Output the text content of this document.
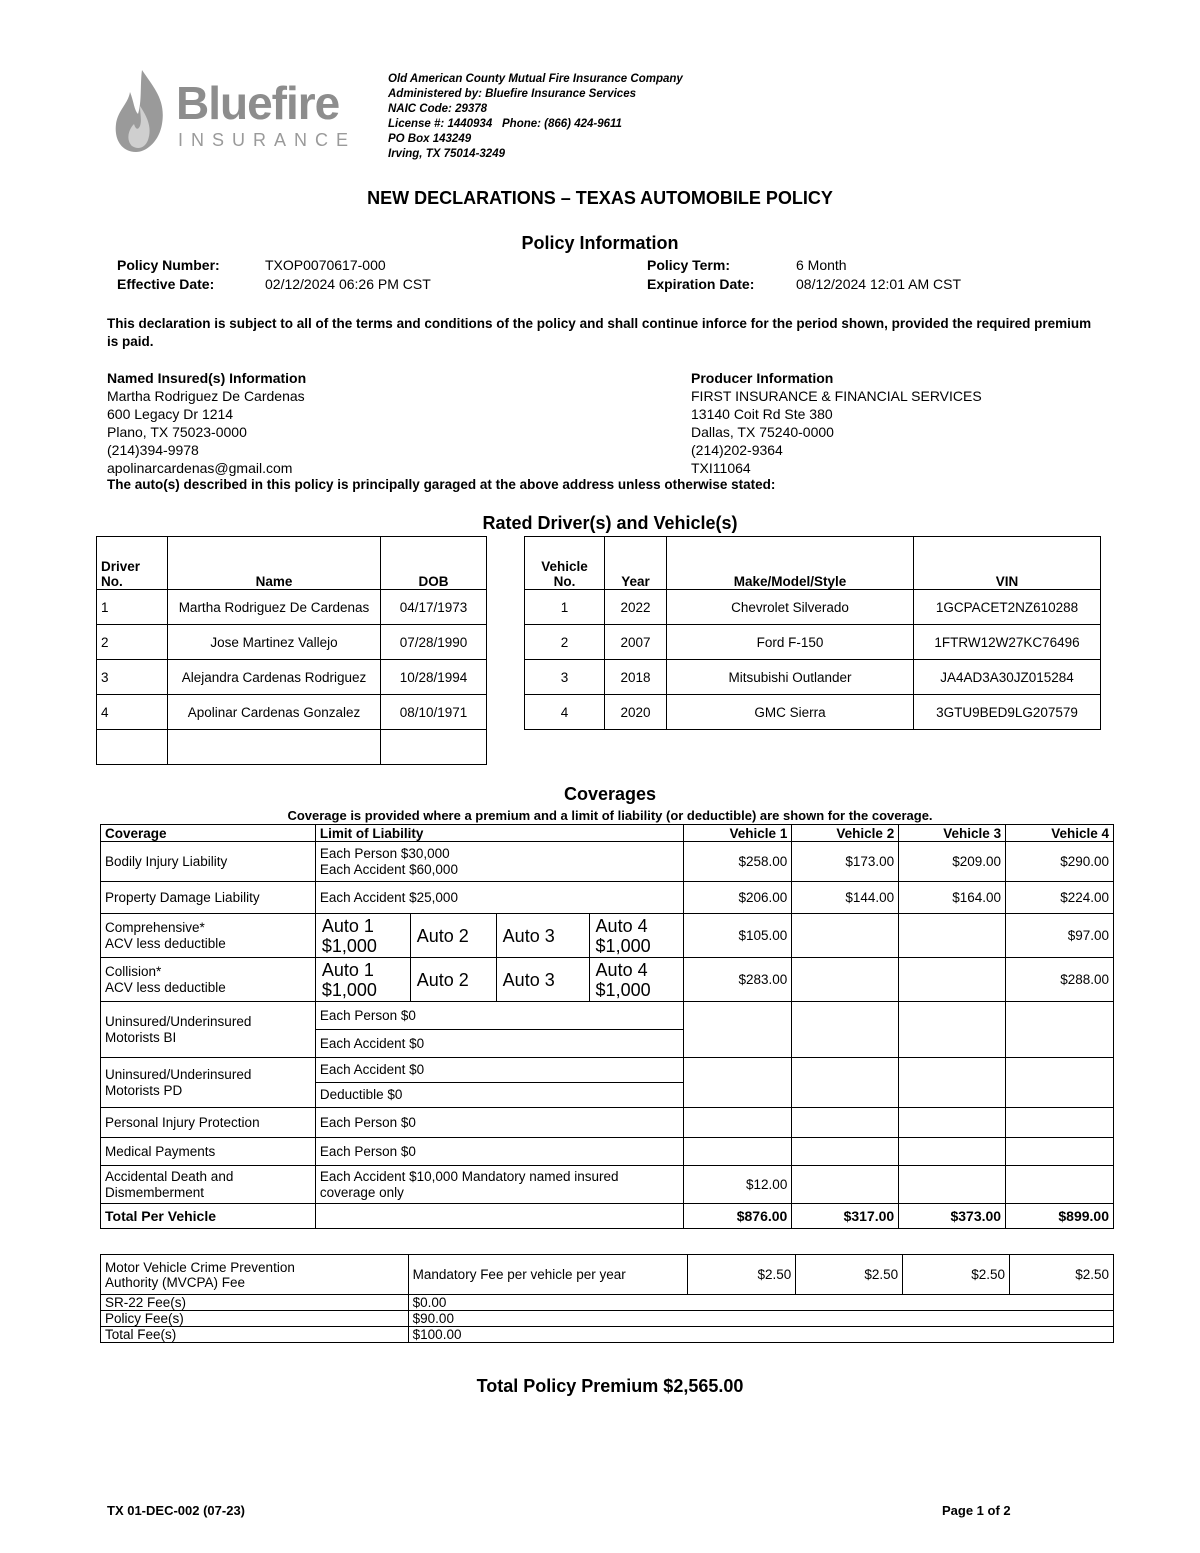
Bluefire
INSURANCE
Old American County Mutual Fire Insurance Company
Administered by: Bluefire Insurance Services
NAIC Code: 29378
License #: 1440934 Phone: (866) 424-9611
PO Box 143249
Irving, TX 75014-3249
NEW DECLARATIONS – TEXAS AUTOMOBILE POLICY
Policy Information
Policy Number:	TXOP0070617-000
Effective Date:	02/12/2024 06:26 PM CST
Policy Term:	6 Month
Expiration Date:	08/12/2024 12:01 AM CST
This declaration is subject to all of the terms and conditions of the policy and shall continue inforce for the period shown, provided the required premium is paid.
Named Insured(s) Information
Martha Rodriguez De Cardenas
600 Legacy Dr 1214
Plano, TX 75023-0000
(214)394-9978
apolinarcardenas@gmail.com
Producer Information
FIRST INSURANCE & FINANCIAL SERVICES
13140 Coit Rd Ste 380
Dallas, TX 75240-0000
(214)202-9364
TXI11064
The auto(s) described in this policy is principally garaged at the above address unless otherwise stated:
Rated Driver(s) and Vehicle(s)
Driver
No.	Name	DOB
1	Martha Rodriguez De Cardenas	04/17/1973
2	Jose Martinez Vallejo	07/28/1990
3	Alejandra Cardenas Rodriguez	10/28/1994
4	Apolinar Cardenas Gonzalez	08/10/1971

Vehicle
No.	Year	Make/Model/Style	VIN
1	2022	Chevrolet Silverado	1GCPACET2NZ610288
2	2007	Ford F-150	1FTRW12W27KC76496
3	2018	Mitsubishi Outlander	JA4AD3A30JZ015284
4	2020	GMC Sierra	3GTU9BED9LG207579
Coverages
Coverage is provided where a premium and a limit of liability (or deductible) are shown for the coverage.
Coverage	Limit of Liability				Vehicle 1	Vehicle 2	Vehicle 3	Vehicle 4
Bodily Injury Liability	Each Person $30,000
Each Accident $60,000				$258.00	$173.00	$209.00	$290.00
Property Damage Liability	Each Accident $25,000				$206.00	$144.00	$164.00	$224.00
Comprehensive*
ACV less deductible	Auto 1
$1,000	Auto 2	Auto 3	Auto 4
$1,000	$105.00			$97.00
Collision*
ACV less deductible	Auto 1
$1,000	Auto 2	Auto 3	Auto 4
$1,000	$283.00			$288.00
Uninsured/Underinsured
Motorists BI	Each Person $0							
	Each Accident $0							
Uninsured/Underinsured
Motorists PD	Each Accident $0							
	Deductible $0							
Personal Injury Protection	Each Person $0							
Medical Payments	Each Person $0							
Accidental Death and
Dismemberment	Each Accident $10,000 Mandatory named insured
coverage only				$12.00			
Total Per Vehicle					$876.00	$317.00	$373.00	$899.00
Motor Vehicle Crime Prevention
Authority (MVCPA) Fee	Mandatory Fee per vehicle per year	$2.50	$2.50	$2.50	$2.50
SR-22 Fee(s)	$0.00				
Policy Fee(s)	$90.00				
Total Fee(s)	$100.00				
Total Policy Premium $2,565.00
TX 01-DEC-002 (07-23)	Page 1 of 2
